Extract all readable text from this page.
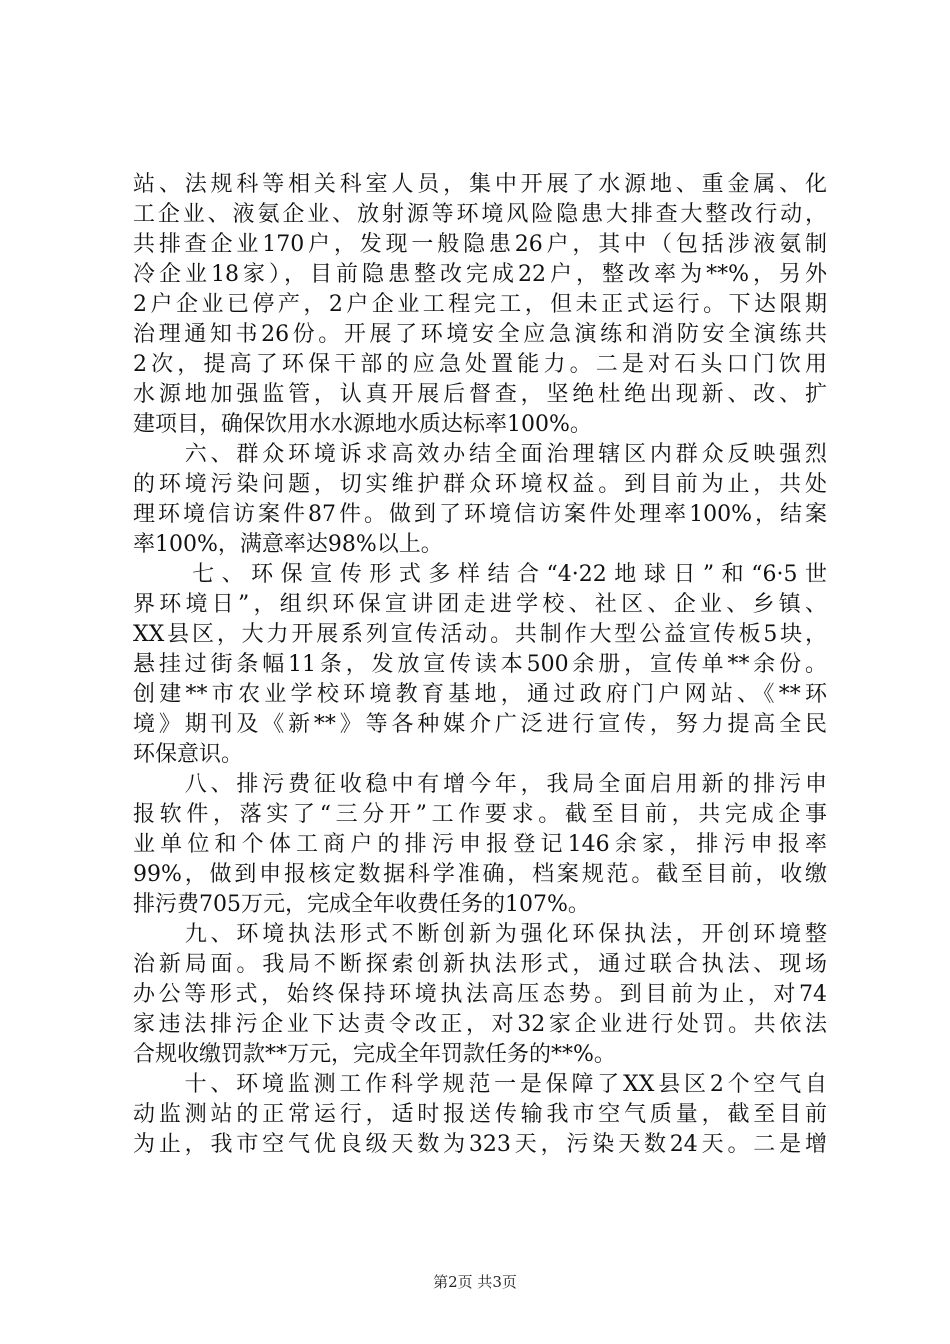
站、法规科等相关科室人员，集中开展了水源地、重金属、化
工企业、液氨企业、放射源等环境风险隐患大排查大整改行动，
共排查企业170户，发现一般隐患26户，其中（包括涉液氨制
冷企业18家），目前隐患整改完成22户，整改率为**%，另外
2户企业已停产，2户企业工程完工，但未正式运行。下达限期
治理通知书26份。开展了环境安全应急演练和消防安全演练共
2次，提高了环保干部的应急处置能力。二是对石头口门饮用
水源地加强监管，认真开展后督查，坚绝杜绝出现新、改、扩
建项目，确保饮用水水源地水质达标率100%。
　　六、群众环境诉求高效办结全面治理辖区内群众反映强烈
的环境污染问题，切实维护群众环境权益。到目前为止，共处
理环境信访案件87件。做到了环境信访案件处理率100%，结案
率100%，满意率达98%以上。
　　七、环保宣传形式多样结合“4·22地球日”和“6·5世
界环境日”，组织环保宣讲团走进学校、社区、企业、乡镇、
XX县区，大力开展系列宣传活动。共制作大型公益宣传板5块，
悬挂过街条幅11条，发放宣传读本500余册，宣传单**余份。
创建**市农业学校环境教育基地，通过政府门户网站、《**环
境》期刊及《新**》等各种媒介广泛进行宣传，努力提高全民
环保意识。
　　八、排污费征收稳中有增今年，我局全面启用新的排污申
报软件，落实了“三分开”工作要求。截至目前，共完成企事
业单位和个体工商户的排污申报登记146余家，排污申报率
99%，做到申报核定数据科学准确，档案规范。截至目前，收缴
排污费705万元，完成全年收费任务的107%。
　　九、环境执法形式不断创新为强化环保执法，开创环境整
治新局面。我局不断探索创新执法形式，通过联合执法、现场
办公等形式，始终保持环境执法高压态势。到目前为止，对74
家违法排污企业下达责令改正，对32家企业进行处罚。共依法
合规收缴罚款**万元，完成全年罚款任务的**%。
　　十、环境监测工作科学规范一是保障了XX县区2个空气自
动监测站的正常运行，适时报送传输我市空气质量，截至目前
为止，我市空气优良级天数为323天，污染天数24天。二是增
第2页 共3页
